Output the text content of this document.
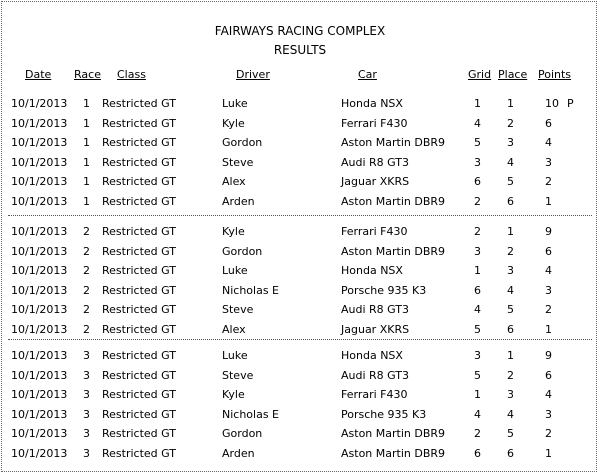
FAIRWAYS RACING COMPLEX
RESULTS
Date Race Class	Driver	Car	Grid Place Points
10/1/2013 1 Restricted GT	Luke	Honda NSX	1 1	10 P
10/1/2013 1 Restricted GT	Kyle	Ferrari F430	4 2	6
10/1/2013 1 Restricted GT	Gordon	Aston Martin DBR9	5 3	4
10/1/2013 1 Restricted GT	Steve	Audi R8 GT3	3 4	3
10/1/2013 1 Restricted GT	Alex	Jaguar XKRS	6 5	2
10/1/2013 1 Restricted GT	Arden	Aston Martin DBR9	2 6	1
10/1/2013 2 Restricted GT	Kyle	Ferrari F430	2 1	9
10/1/2013 2 Restricted GT	Gordon	Aston Martin DBR9	3 2	6
10/1/2013 2 Restricted GT	Luke	Honda NSX	1 3	4
10/1/2013 2 Restricted GT	Nicholas E	Porsche 935 K3	6 4	3
10/1/2013 2 Restricted GT	Steve	Audi R8 GT3	4 5	2
10/1/2013 2 Restricted GT	Alex	Jaguar XKRS	5 6	1
10/1/2013 3 Restricted GT	Luke	Honda NSX	3 1	9
10/1/2013 3 Restricted GT	Steve	Audi R8 GT3	5 2	6
10/1/2013 3 Restricted GT	Kyle	Ferrari F430	1 3	4
10/1/2013 3 Restricted GT	Nicholas E	Porsche 935 K3	4 4	3
10/1/2013 3 Restricted GT	Gordon	Aston Martin DBR9	2 5	2
10/1/2013 3 Restricted GT	Arden	Aston Martin DBR9	6 6	1
